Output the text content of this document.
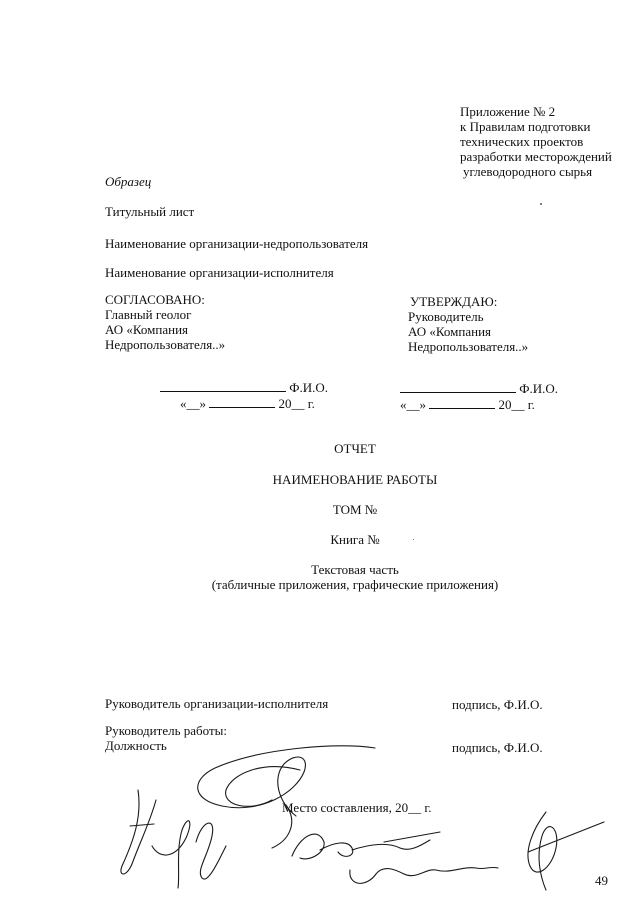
Приложение № 2
к Правилам подготовки
технических проектов
разработки месторождений
углеводородного сырья
Образец
Титульный лист
Наименование организации-недропользователя
Наименование организации-исполнителя
СОГЛАСОВАНО:
Главный геолог
АО «Компания
Недропользователя..»
УТВЕРЖДАЮ:
Руководитель
АО «Компания
Недропользователя..»
Ф.И.О.
«__»	20__ г.
Ф.И.О.
«__»	20__ г.
ОТЧЕТ
НАИМЕНОВАНИЕ РАБОТЫ
ТОМ №
Книга №
Текстовая часть
(табличные приложения, графические приложения)
Руководитель организации-исполнителя	подпись, Ф.И.О.
Руководитель работы:
Должность	подпись, Ф.И.О.
Место составления, 20__ г.
49
